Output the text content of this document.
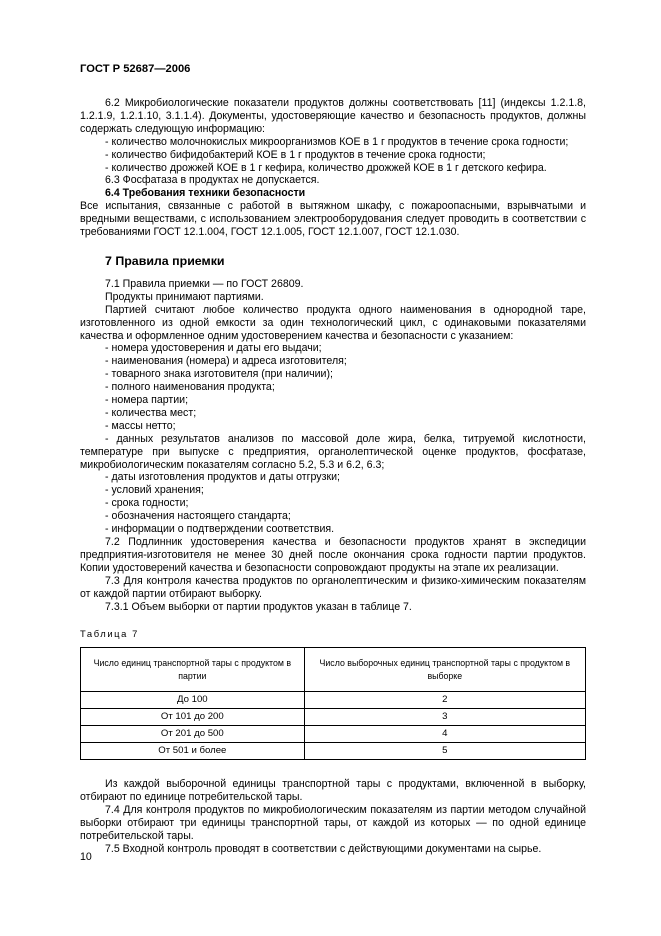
ГОСТ Р 52687—2006

6.2 Микробиологические показатели продуктов должны соответствовать [11] (индексы 1.2.1.8, 1.2.1.9, 1.2.1.10, 3.1.1.4). Документы, удостоверяющие качество и безопасность продуктов, должны содержать следующую информацию:

- количество молочнокислых микроорганизмов КОЕ в 1 г продуктов в течение срока годности;

- количество бифидобактерий КОЕ в 1 г продуктов в течение срока годности;

- количество дрожжей КОЕ в 1 г кефира, количество дрожжей КОЕ в 1 г детского кефира.

6.3 Фосфатаза в продуктах не допускается.

6.4 Требования техники безопасности

Все испытания, связанные с работой в вытяжном шкафу, с пожароопасными, взрывчатыми и вредными веществами, с использованием электрооборудования следует проводить в соответствии с требованиями ГОСТ 12.1.004, ГОСТ 12.1.005, ГОСТ 12.1.007, ГОСТ 12.1.030.

7 Правила приемки

7.1 Правила приемки — по ГОСТ 26809.

Продукты принимают партиями.

Партией считают любое количество продукта одного наименования в однородной таре, изготовленного из одной емкости за один технологический цикл, с одинаковыми показателями качества и оформленное одним удостоверением качества и безопасности с указанием:

- номера удостоверения и даты его выдачи;

- наименования (номера) и адреса изготовителя;

- товарного знака изготовителя (при наличии);

- полного наименования продукта;

- номера партии;

- количества мест;

- массы нетто;

- данных результатов анализов по массовой доле жира, белка, титруемой кислотности, температуре при выпуске с предприятия, органолептической оценке продуктов, фосфатазе, микробиологическим показателям согласно 5.2, 5.3 и 6.2, 6.3;

- даты изготовления продуктов и даты отгрузки;

- условий хранения;

- срока годности;

- обозначения настоящего стандарта;

- информации о подтверждении соответствия.

7.2 Подлинник удостоверения качества и безопасности продуктов хранят в экспедиции предприятия-изготовителя не менее 30 дней после окончания срока годности партии продуктов. Копии удостоверений качества и безопасности сопровождают продукты на этапе их реализации.

7.3 Для контроля качества продуктов по органолептическим и физико-химическим показателям от каждой партии отбирают выборку.

7.3.1 Объем выборки от партии продуктов указан в таблице 7.

Таблица 7

Число единиц транспортной тары с продуктом в партии	Число выборочных единиц транспортной тары с продуктом в выборке
До 100	2
От 101 до 200	3
От 201 до 500	4
От 501 и более	5

Из каждой выборочной единицы транспортной тары с продуктами, включенной в выборку, отбирают по единице потребительской тары.

7.4 Для контроля продуктов по микробиологическим показателям из партии методом случайной выборки отбирают три единицы транспортной тары, от каждой из которых — по одной единице потребительской тары.

7.5 Входной контроль проводят в соответствии с действующими документами на сырье.

10
